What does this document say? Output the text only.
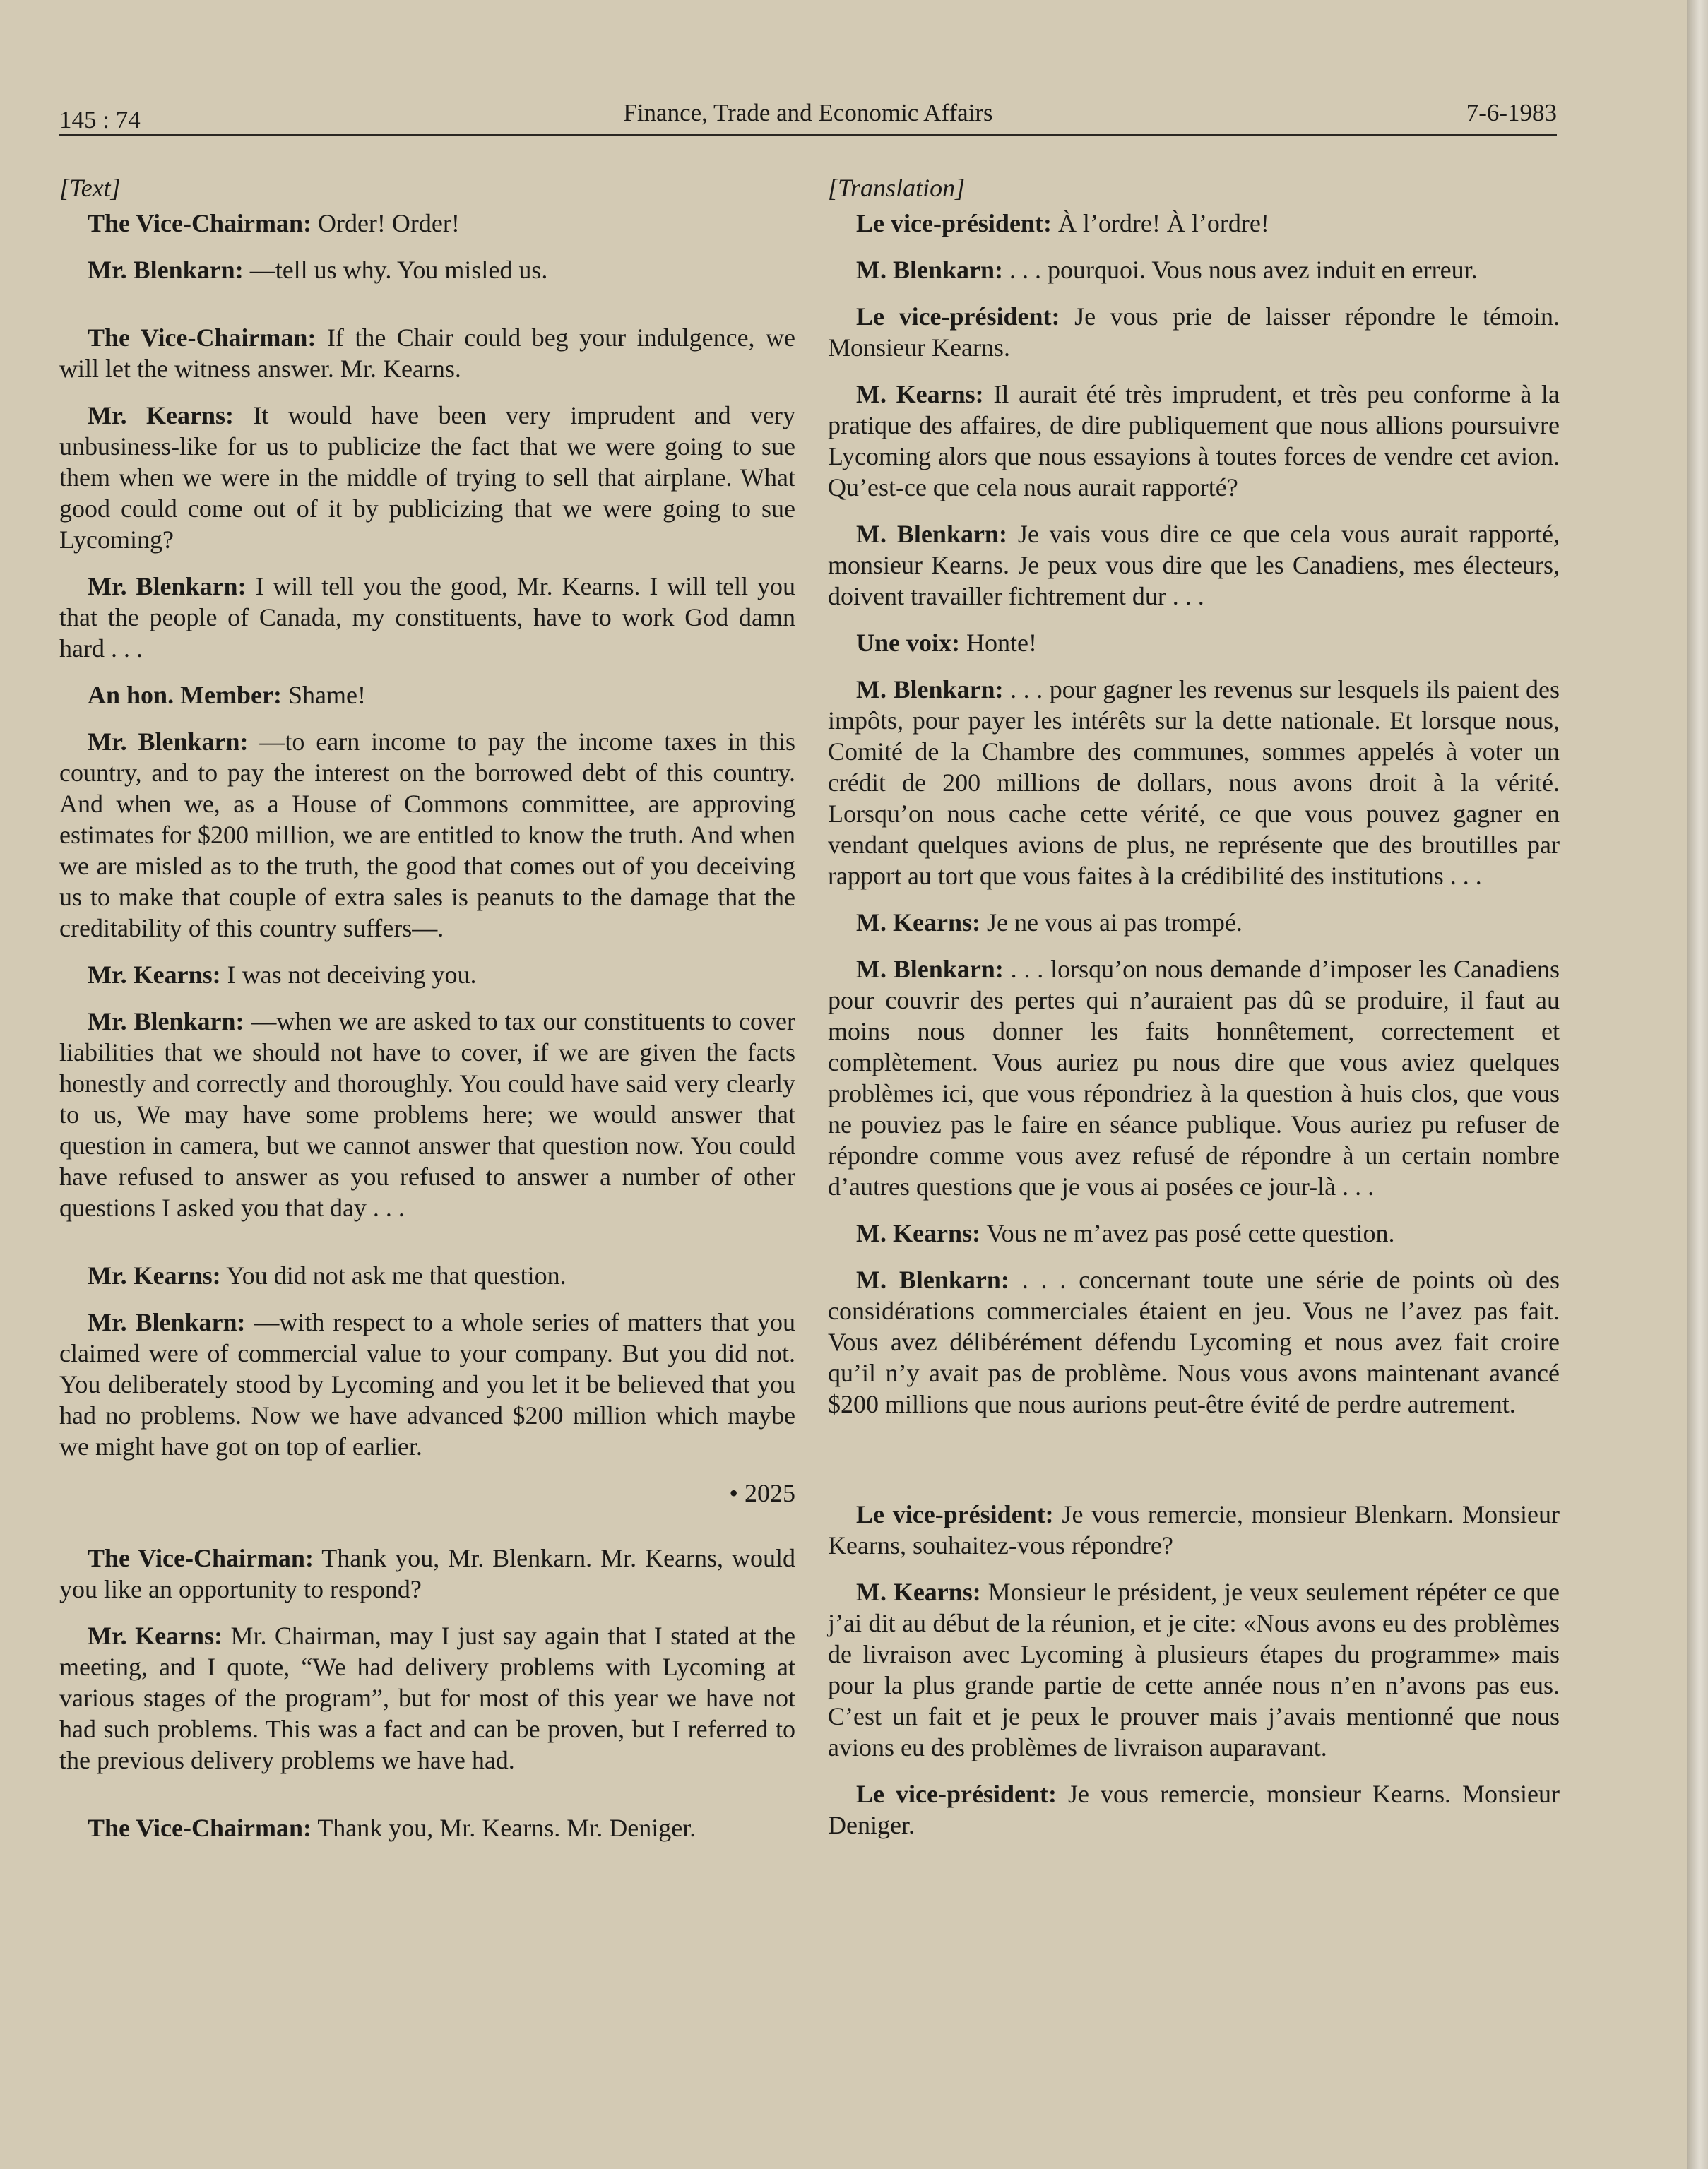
145 : 74	Finance, Trade and Economic Affairs	7-6-1983
[Text]

The Vice-Chairman: Order! Order!

Mr. Blenkarn: —tell us why. You misled us.

The Vice-Chairman: If the Chair could beg your indulgence, we will let the witness answer. Mr. Kearns.

Mr. Kearns: It would have been very imprudent and very unbusiness-like for us to publicize the fact that we were going to sue them when we were in the middle of trying to sell that airplane. What good could come out of it by publicizing that we were going to sue Lycoming?

Mr. Blenkarn: I will tell you the good, Mr. Kearns. I will tell you that the people of Canada, my constituents, have to work God damn hard . . .

An hon. Member: Shame!

Mr. Blenkarn: —to earn income to pay the income taxes in this country, and to pay the interest on the borrowed debt of this country. And when we, as a House of Commons committee, are approving estimates for $200 million, we are entitled to know the truth. And when we are misled as to the truth, the good that comes out of you deceiving us to make that couple of extra sales is peanuts to the damage that the creditability of this country suffers—.

Mr. Kearns: I was not deceiving you.

Mr. Blenkarn: —when we are asked to tax our constituents to cover liabilities that we should not have to cover, if we are given the facts honestly and correctly and thoroughly. You could have said very clearly to us, We may have some problems here; we would answer that question in camera, but we cannot answer that question now. You could have refused to answer as you refused to answer a number of other questions I asked you that day . . .

Mr. Kearns: You did not ask me that question.

Mr. Blenkarn: —with respect to a whole series of matters that you claimed were of commercial value to your company. But you did not. You deliberately stood by Lycoming and you let it be believed that you had no problems. Now we have advanced $200 million which maybe we might have got on top of earlier.

• 2025

The Vice-Chairman: Thank you, Mr. Blenkarn. Mr. Kearns, would you like an opportunity to respond?

Mr. Kearns: Mr. Chairman, may I just say again that I stated at the meeting, and I quote, “We had delivery problems with Lycoming at various stages of the program”, but for most of this year we have not had such problems. This was a fact and can be proven, but I referred to the previous delivery problems we have had.

The Vice-Chairman: Thank you, Mr. Kearns. Mr. Deniger.

[Translation]

Le vice-président: À l’ordre! À l’ordre!

M. Blenkarn: . . . pourquoi. Vous nous avez induit en erreur.

Le vice-président: Je vous prie de laisser répondre le témoin. Monsieur Kearns.

M. Kearns: Il aurait été très imprudent, et très peu conforme à la pratique des affaires, de dire publiquement que nous allions poursuivre Lycoming alors que nous essayions à toutes forces de vendre cet avion. Qu’est-ce que cela nous aurait rapporté?

M. Blenkarn: Je vais vous dire ce que cela vous aurait rapporté, monsieur Kearns. Je peux vous dire que les Canadiens, mes électeurs, doivent travailler fichtrement dur . . .

Une voix: Honte!

M. Blenkarn: . . . pour gagner les revenus sur lesquels ils paient des impôts, pour payer les intérêts sur la dette nationale. Et lorsque nous, Comité de la Chambre des communes, sommes appelés à voter un crédit de 200 millions de dollars, nous avons droit à la vérité. Lorsqu’on nous cache cette vérité, ce que vous pouvez gagner en vendant quelques avions de plus, ne représente que des broutilles par rapport au tort que vous faites à la crédibilité des institutions . . .

M. Kearns: Je ne vous ai pas trompé.

M. Blenkarn: . . . lorsqu’on nous demande d’imposer les Canadiens pour couvrir des pertes qui n’auraient pas dû se produire, il faut au moins nous donner les faits honnêtement, correctement et complètement. Vous auriez pu nous dire que vous aviez quelques problèmes ici, que vous répondriez à la question à huis clos, que vous ne pouviez pas le faire en séance publique. Vous auriez pu refuser de répondre comme vous avez refusé de répondre à un certain nombre d’autres questions que je vous ai posées ce jour-là . . .

M. Kearns: Vous ne m’avez pas posé cette question.

M. Blenkarn: . . . concernant toute une série de points où des considérations commerciales étaient en jeu. Vous ne l’avez pas fait. Vous avez délibérément défendu Lycoming et nous avez fait croire qu’il n’y avait pas de problème. Nous vous avons maintenant avancé $200 millions que nous aurions peut-être évité de perdre autrement.

Le vice-président: Je vous remercie, monsieur Blenkarn. Monsieur Kearns, souhaitez-vous répondre?

M. Kearns: Monsieur le président, je veux seulement répéter ce que j’ai dit au début de la réunion, et je cite: «Nous avons eu des problèmes de livraison avec Lycoming à plusieurs étapes du programme» mais pour la plus grande partie de cette année nous n’en n’avons pas eus. C’est un fait et je peux le prouver mais j’avais mentionné que nous avions eu des problèmes de livraison auparavant.

Le vice-président: Je vous remercie, monsieur Kearns. Monsieur Deniger.
